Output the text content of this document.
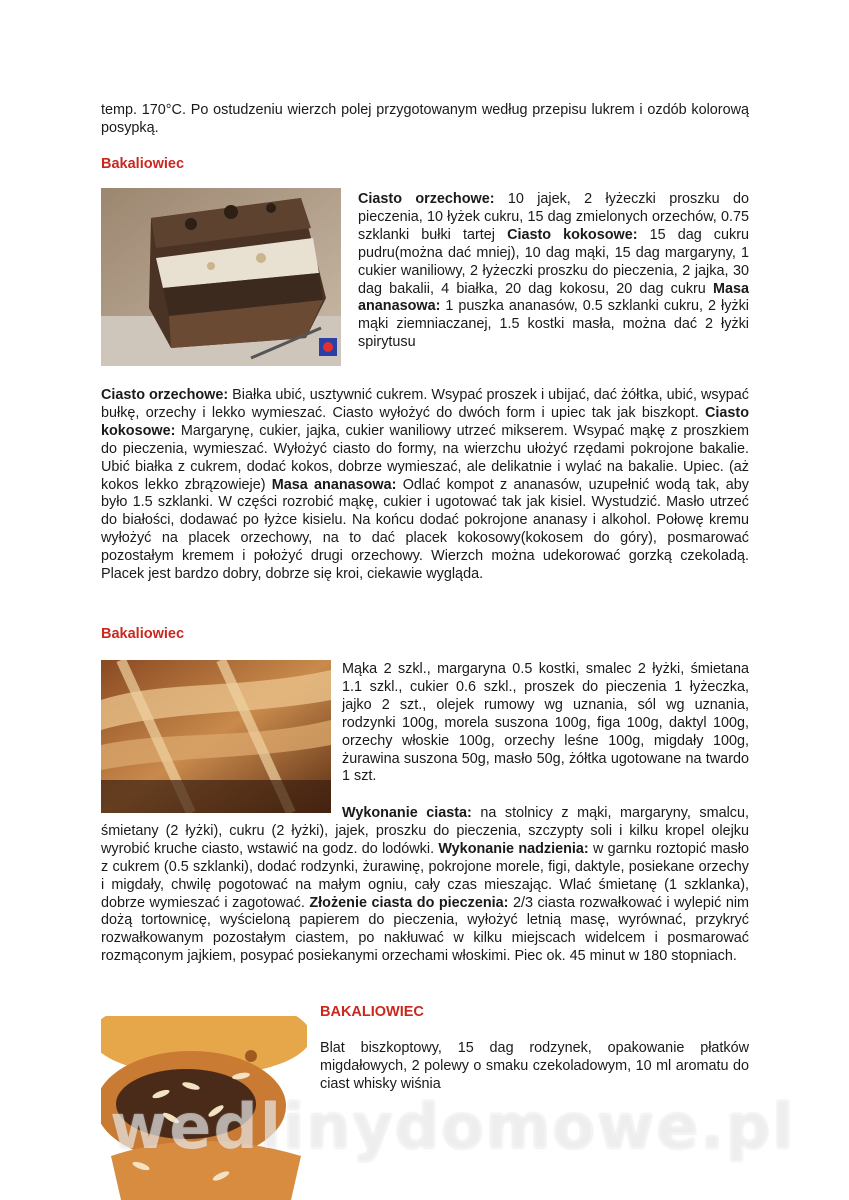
temp. 170°C. Po ostudzeniu wierzch polej przygotowanym według przepisu lukrem i ozdób kolorową posypką.

Bakaliowiec

Ciasto orzechowe: 10 jajek, 2 łyżeczki proszku do pieczenia, 10 łyżek cukru, 15 dag zmielonych orzechów, 0.75 szklanki bułki tartej Ciasto kokosowe: 15 dag cukru pudru(można dać mniej), 10 dag mąki, 15 dag margaryny, 1 cukier waniliowy, 2 łyżeczki proszku do pieczenia, 2 jajka, 30 dag bakalii, 4 białka, 20 dag kokosu, 20 dag cukru Masa ananasowa: 1 puszka ananasów, 0.5 szklanki cukru, 2 łyżki mąki ziemniaczanej, 1.5 kostki masła, można dać 2 łyżki spirytusu

Ciasto orzechowe: Białka ubić, usztywnić cukrem. Wsypać proszek i ubijać, dać żółtka, ubić, wsypać bułkę, orzechy i lekko wymieszać. Ciasto wyłożyć do dwóch form i upiec tak jak biszkopt. Ciasto kokosowe: Margarynę, cukier, jajka, cukier waniliowy utrzeć mikserem. Wsypać mąkę z proszkiem do pieczenia, wymieszać. Wyłożyć ciasto do formy, na wierzchu ułożyć rzędami pokrojone bakalie. Ubić białka z cukrem, dodać kokos, dobrze wymieszać, ale delikatnie i wylać na bakalie. Upiec. (aż kokos lekko zbrązowieje) Masa ananasowa: Odlać kompot z ananasów, uzupełnić wodą tak, aby było 1.5 szklanki. W części rozrobić mąkę, cukier i ugotować tak jak kisiel. Wystudzić. Masło utrzeć do białości, dodawać po łyżce kisielu. Na końcu dodać pokrojone ananasy i alkohol. Połowę kremu wyłożyć na placek orzechowy, na to dać placek kokosowy(kokosem do góry), posmarować pozostałym kremem i położyć drugi orzechowy. Wierzch można udekorować gorzką czekoladą. Placek jest bardzo dobry, dobrze się kroi, ciekawie wygląda.

Bakaliowiec

Mąka 2 szkl., margaryna 0.5 kostki, smalec 2 łyżki, śmietana 1.1 szkl., cukier 0.6 szkl., proszek do pieczenia 1 łyżeczka, jajko 2 szt., olejek rumowy wg uznania, sól wg uznania, rodzynki 100g, morela suszona 100g, figa 100g, daktyl 100g, orzechy włoskie 100g, orzechy leśne 100g, migdały 100g, żurawina suszona 50g, masło 50g, żółtka ugotowane na twardo 1 szt.

Wykonanie ciasta: na stolnicy z mąki, margaryny, smalcu, śmietany (2 łyżki), cukru (2 łyżki), jajek, proszku do pieczenia, szczypty soli i kilku kropel olejku wyrobić kruche ciasto, wstawić na godz. do lodówki. Wykonanie nadzienia: w garnku roztopić masło z cukrem (0.5 szklanki), dodać rodzynki, żurawinę, pokrojone morele, figi, daktyle, posiekane orzechy i migdały, chwilę pogotować na małym ogniu, cały czas mieszając. Wlać śmietanę (1 szklanka), dobrze wymieszać i zagotować. Złożenie ciasta do pieczenia: 2/3 ciasta rozwałkować i wylepić nim dożą tortownicę, wyścieloną papierem do pieczenia, wyłożyć letnią masę, wyrównać, przykryć rozwałkowanym pozostałym ciastem, po nakłuwać w kilku miejscach widelcem i posmarować rozmąconym jajkiem, posypać posiekanymi orzechami włoskimi. Piec ok. 45 minut w 180 stopniach.

BAKALIOWIEC

Blat biszkoptowy, 15 dag rodzynek, opakowanie płatków migdałowych, 2 polewy o smaku czekoladowym, 10 ml aromatu do ciast whisky wiśnia

wedlinydomowe.pl
